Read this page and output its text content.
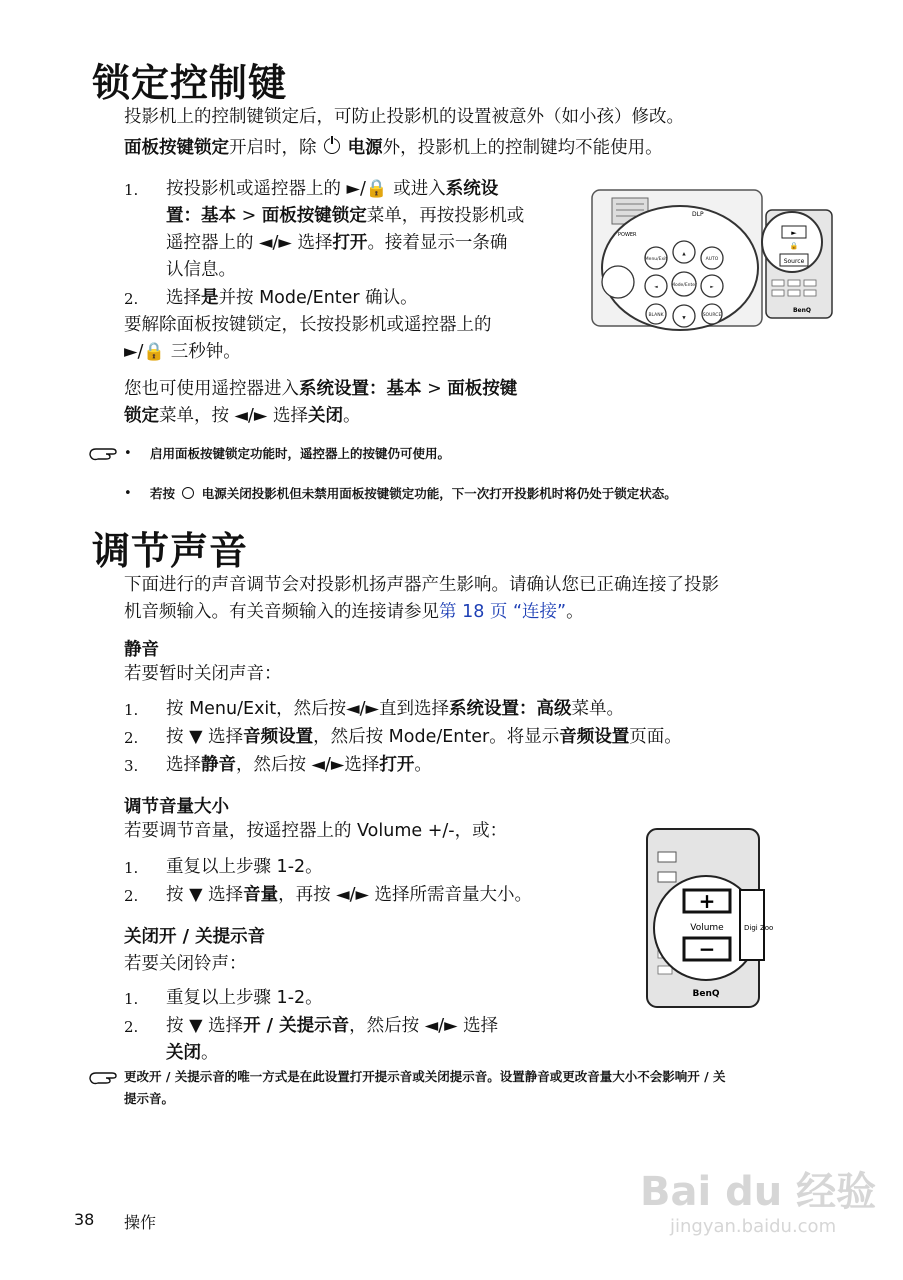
锁定控制键
投影机上的控制键锁定后，可防止投影机的设置被意外（如小孩）修改。
面板按键锁定开启时，除 电源外，投影机上的控制键均不能使用。
1. 按投影机或遥控器上的 ►/🔒 或进入系统设
置：基本 > 面板按键锁定菜单，再按投影机或
遥控器上的 ◄/► 选择打开。接着显示一条确
认信息。
2. 选择是并按 Mode/Enter 确认。
要解除面板按键锁定，长按投影机或遥控器上的
►/🔒 三秒钟。
您也可使用遥控器进入系统设置：基本 > 面板按键
锁定菜单，按 ◄/► 选择关闭。
DLP
POWER
Menu/Exit	AUTO
Mode/Enter
BLANK	SOURCE
▲
▼
◄	►
►
🔒
Source
BenQ
• 启用面板按键锁定功能时，遥控器上的按键仍可使用。
• 若按 电源关闭投影机但未禁用面板按键锁定功能，下一次打开投影机时将仍处于锁定状态。
调节声音
下面进行的声音调节会对投影机扬声器产生影响。请确认您已正确连接了投影
机音频输入。有关音频输入的连接请参见第 18 页 “连接”。
静音
若要暂时关闭声音：
1. 按 Menu/Exit，然后按◄/►直到选择系统设置：高级菜单。
2. 按 ▼ 选择音频设置，然后按 Mode/Enter。将显示音频设置页面。
3. 选择静音，然后按 ◄/►选择打开。
调节音量大小
若要调节音量，按遥控器上的 Volume +/-，或：
1. 重复以上步骤 1-2。
2. 按 ▼ 选择音量，再按 ◄/► 选择所需音量大小。
关闭开 / 关提示音
若要关闭铃声：
1. 重复以上步骤 1-2。
2. 按 ▼ 选择开 / 关提示音，然后按 ◄/► 选择
关闭。
+
Volume
−
Digi Zoo
BenQ
更改开 / 关提示音的唯一方式是在此设置打开提示音或关闭提示音。设置静音或更改音量大小不会影响开 / 关
提示音。
38 操作
Bai du 经验
jingyan.baidu.com
